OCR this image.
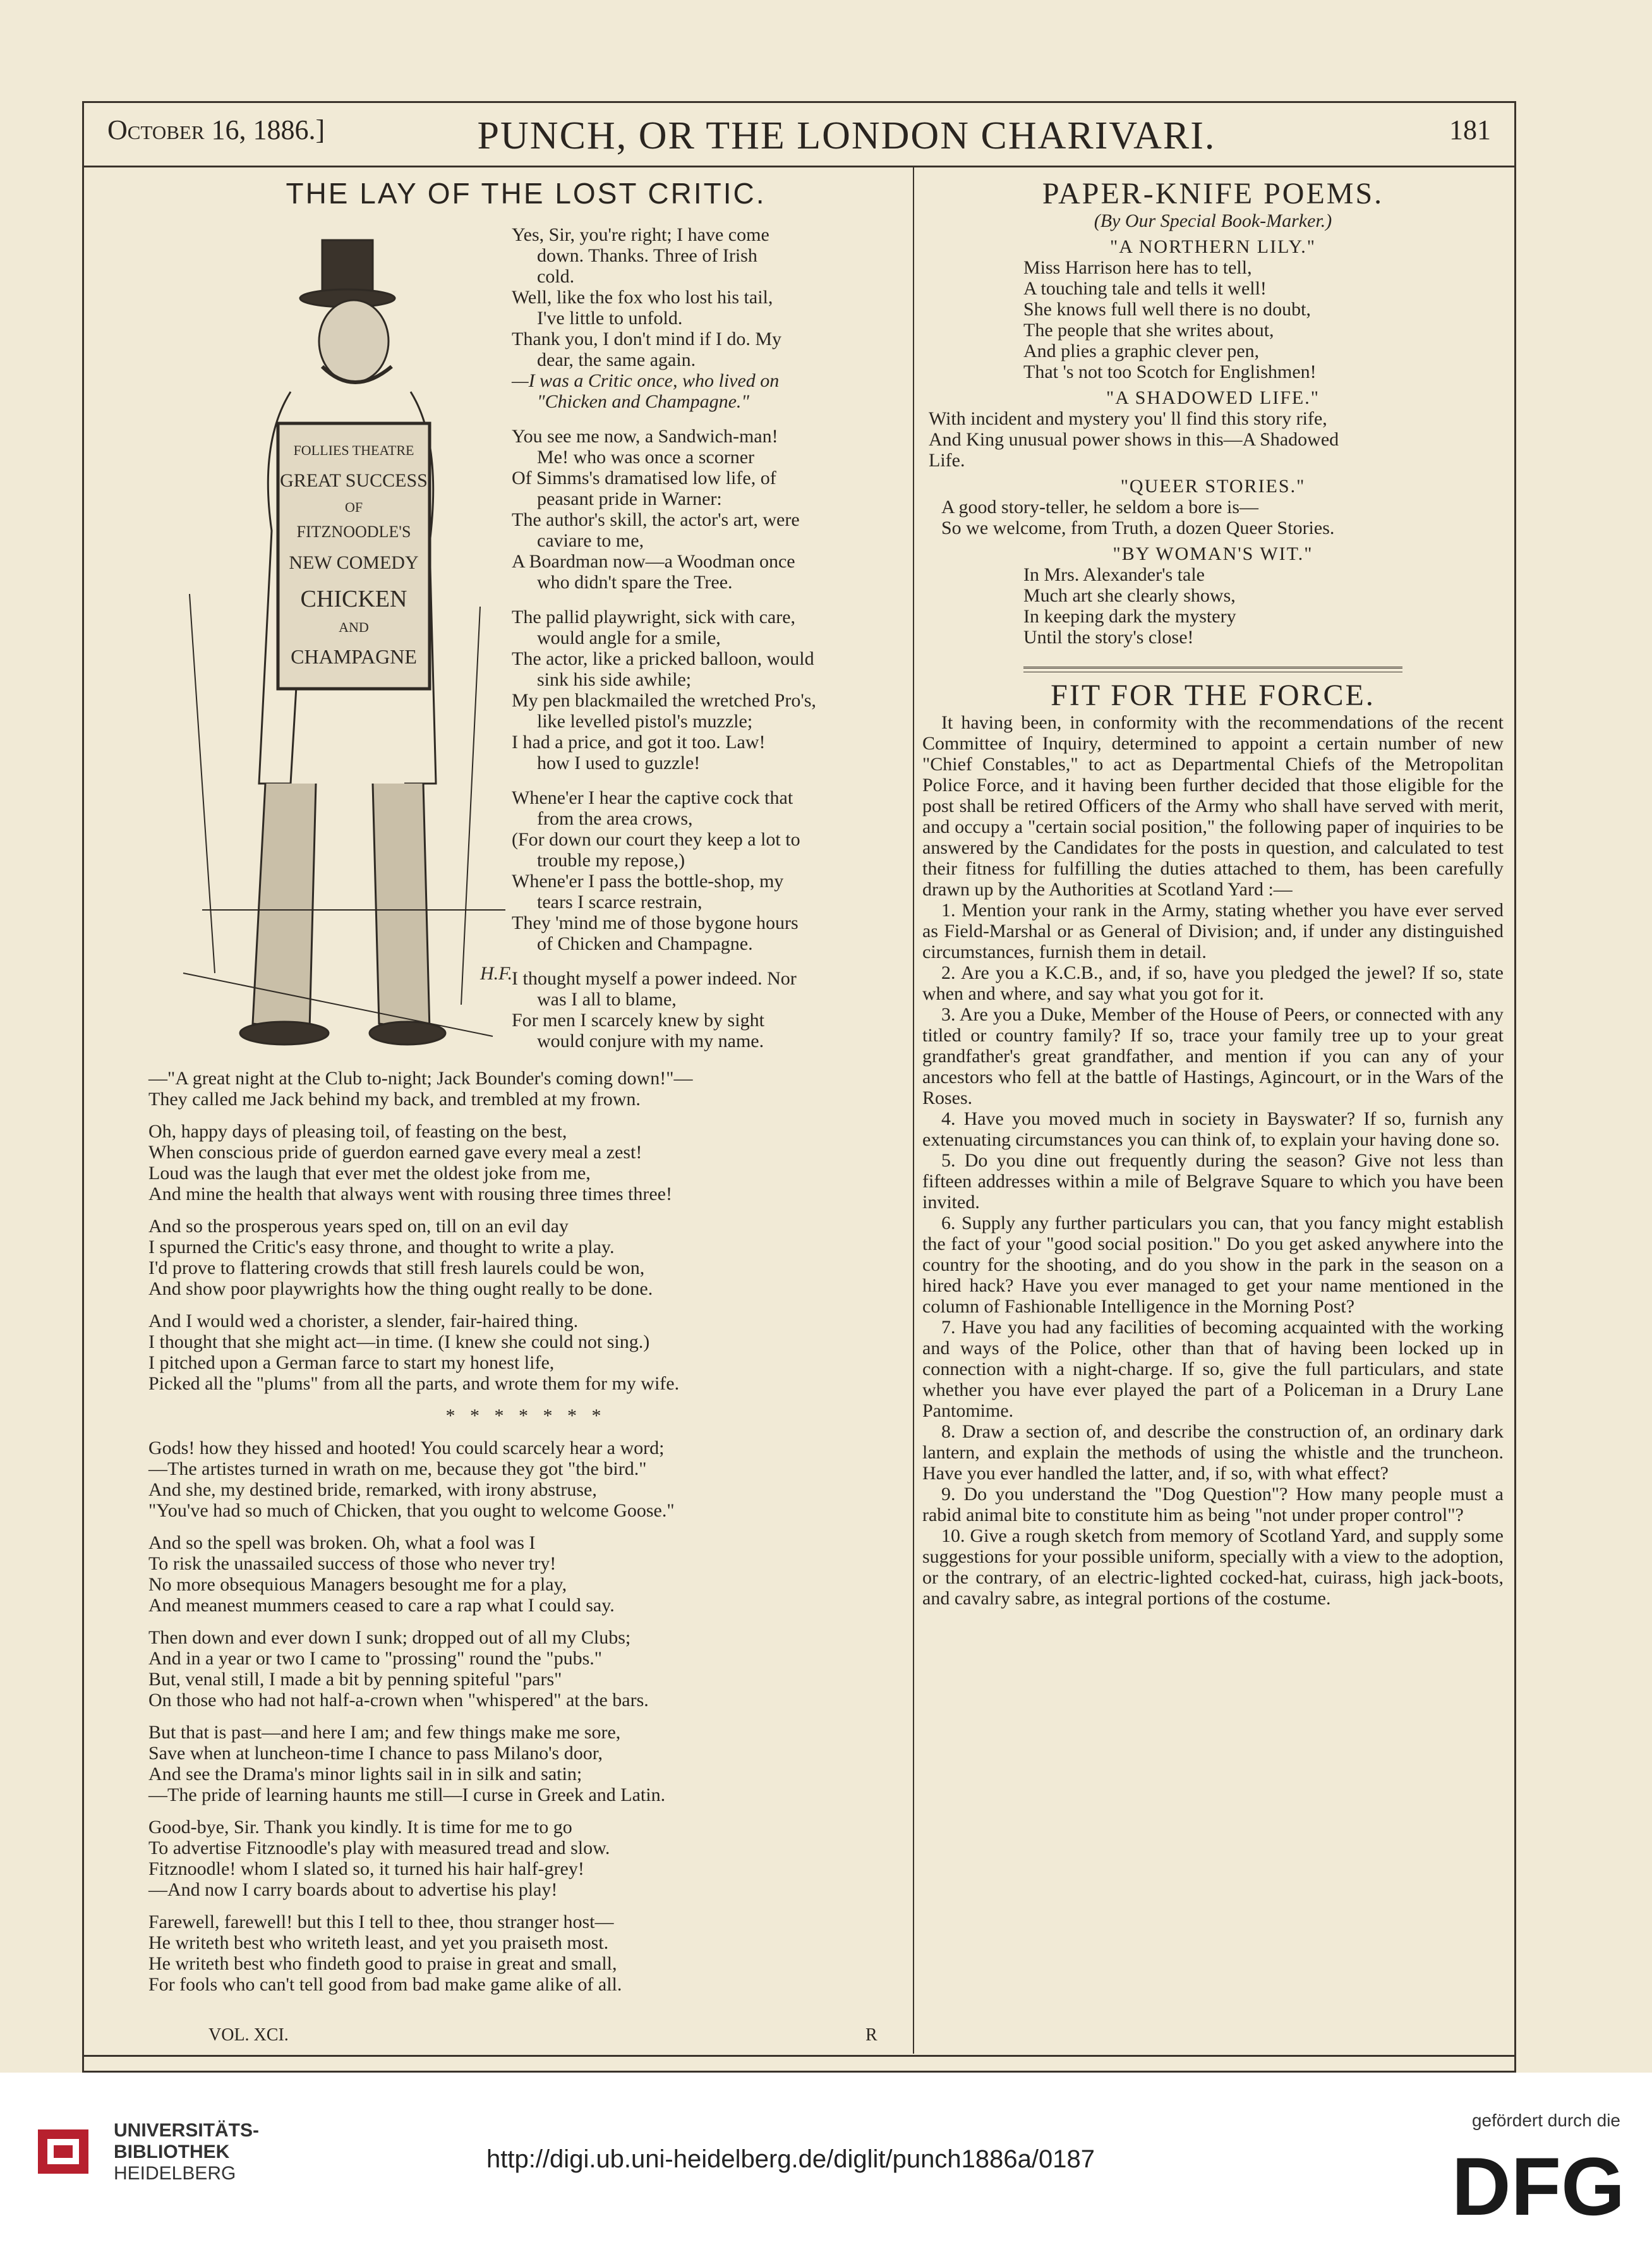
October 16, 1886.]	PUNCH, OR THE LONDON CHARIVARI.	181
THE LAY OF THE LOST CRITIC.
FOLLIES THEATRE
GREAT SUCCESS
OF
FITZNOODLE'S
NEW COMEDY
CHICKEN
AND
CHAMPAGNE
H.F.

Yes, Sir, you're right; I have come

down. Thanks. Three of Irish

cold.

Well, like the fox who lost his tail,

I've little to unfold.

Thank you, I don't mind if I do. My

dear, the same again.

—I was a Critic once, who lived on

"Chicken and Champagne."

You see me now, a Sandwich-man!

Me! who was once a scorner

Of Simms's dramatised low life, of

peasant pride in Warner:

The author's skill, the actor's art, were

caviare to me,

A Boardman now—a Woodman once

who didn't spare the Tree.

The pallid playwright, sick with care,

would angle for a smile,

The actor, like a pricked balloon, would

sink his side awhile;

My pen blackmailed the wretched Pro's,

like levelled pistol's muzzle;

I had a price, and got it too. Law!

how I used to guzzle!

Whene'er I hear the captive cock that

from the area crows,

(For down our court they keep a lot to

trouble my repose,)

Whene'er I pass the bottle-shop, my

tears I scarce restrain,

They 'mind me of those bygone hours

of Chicken and Champagne.

I thought myself a power indeed. Nor

was I all to blame,

For men I scarcely knew by sight

would conjure with my name.

—"A great night at the Club to-night; Jack Bounder's coming down!"—

They called me Jack behind my back, and trembled at my frown.

Oh, happy days of pleasing toil, of feasting on the best,

When conscious pride of guerdon earned gave every meal a zest!

Loud was the laugh that ever met the oldest joke from me,

And mine the health that always went with rousing three times three!

And so the prosperous years sped on, till on an evil day

I spurned the Critic's easy throne, and thought to write a play.

I'd prove to flattering crowds that still fresh laurels could be won,

And show poor playwrights how the thing ought really to be done.

And I would wed a chorister, a slender, fair-haired thing.

I thought that she might act—in time. (I knew she could not sing.)

I pitched upon a German farce to start my honest life,

Picked all the "plums" from all the parts, and wrote them for my wife.

* * * * * * *

Gods! how they hissed and hooted! You could scarcely hear a word;

—The artistes turned in wrath on me, because they got "the bird."

And she, my destined bride, remarked, with irony abstruse,

"You've had so much of Chicken, that you ought to welcome Goose."

And so the spell was broken. Oh, what a fool was I

To risk the unassailed success of those who never try!

No more obsequious Managers besought me for a play,

And meanest mummers ceased to care a rap what I could say.

Then down and ever down I sunk; dropped out of all my Clubs;

And in a year or two I came to "prossing" round the "pubs."

But, venal still, I made a bit by penning spiteful "pars"

On those who had not half-a-crown when "whispered" at the bars.

But that is past—and here I am; and few things make me sore,

Save when at luncheon-time I chance to pass Milano's door,

And see the Drama's minor lights sail in in silk and satin;

—The pride of learning haunts me still—I curse in Greek and Latin.

Good-bye, Sir. Thank you kindly. It is time for me to go

To advertise Fitznoodle's play with measured tread and slow.

Fitznoodle! whom I slated so, it turned his hair half-grey!

—And now I carry boards about to advertise his play!

Farewell, farewell! but this I tell to thee, thou stranger host—

He writeth best who writeth least, and yet you praiseth most.

He writeth best who findeth good to praise in great and small,

For fools who can't tell good from bad make game alike of all.

PAPER-KNIFE POEMS.

(By Our Special Book-Marker.)

"A NORTHERN LILY."

Miss Harrison here has to tell,

A touching tale and tells it well!

She knows full well there is no doubt,

The people that she writes about,

And plies a graphic clever pen,

That 's not too Scotch for Englishmen!

"A SHADOWED LIFE."

With incident and mystery you' ll find this story rife,

And King unusual power shows in this—A Shadowed

Life.

"QUEER STORIES."

A good story-teller, he seldom a bore is—

So we welcome, from Truth, a dozen Queer Stories.

"BY WOMAN'S WIT."

In Mrs. Alexander's tale

Much art she clearly shows,

In keeping dark the mystery

Until the story's close!

FIT FOR THE FORCE.

It having been, in conformity with the recommendations of the recent Committee of Inquiry, determined to appoint a certain number of new "Chief Constables," to act as Departmental Chiefs of the Metropolitan Police Force, and it having been further decided that those eligible for the post shall be retired Officers of the Army who shall have served with merit, and occupy a "certain social position," the following paper of inquiries to be answered by the Candidates for the posts in question, and calculated to test their fitness for fulfilling the duties attached to them, has been carefully drawn up by the Authorities at Scotland Yard :—

1. Mention your rank in the Army, stating whether you have ever served as Field-Marshal or as General of Division; and, if under any distinguished circumstances, furnish them in detail.

2. Are you a K.C.B., and, if so, have you pledged the jewel? If so, state when and where, and say what you got for it.

3. Are you a Duke, Member of the House of Peers, or connected with any titled or country family? If so, trace your family tree up to your great grandfather's great grandfather, and mention if you can any of your ancestors who fell at the battle of Hastings, Agincourt, or in the Wars of the Roses.

4. Have you moved much in society in Bayswater? If so, furnish any extenuating circumstances you can think of, to explain your having done so.

5. Do you dine out frequently during the season? Give not less than fifteen addresses within a mile of Belgrave Square to which you have been invited.

6. Supply any further particulars you can, that you fancy might establish the fact of your "good social position." Do you get asked anywhere into the country for the shooting, and do you show in the park in the season on a hired hack? Have you ever managed to get your name mentioned in the column of Fashionable Intelligence in the Morning Post?

7. Have you had any facilities of becoming acquainted with the working and ways of the Police, other than that of having been locked up in connection with a night-charge. If so, give the full particulars, and state whether you have ever played the part of a Policeman in a Drury Lane Pantomime.

8. Draw a section of, and describe the construction of, an ordinary dark lantern, and explain the methods of using the whistle and the truncheon. Have you ever handled the latter, and, if so, with what effect?

9. Do you understand the "Dog Question"? How many people must a rabid animal bite to constitute him as being "not under proper control"?

10. Give a rough sketch from memory of Scotland Yard, and supply some suggestions for your possible uniform, specially with a view to the adoption, or the contrary, of an electric-lighted cocked-hat, cuirass, high jack-boots, and cavalry sabre, as integral portions of the costume.

VOL. XCI.	R
UNIVERSITÄTS-
BIBLIOTHEK
HEIDELBERG
http://digi.ub.uni-heidelberg.de/diglit/punch1886a/0187
gefördert durch die
DFG
